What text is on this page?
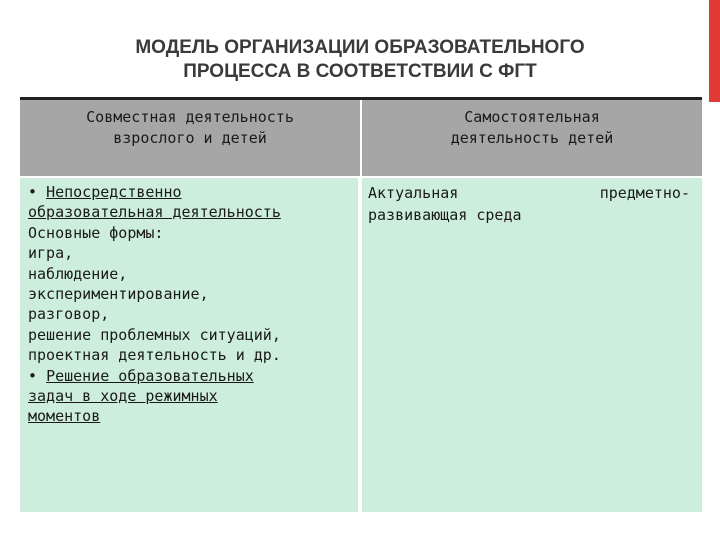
МОДЕЛЬ ОРГАНИЗАЦИИ ОБРАЗОВАТЕЛЬНОГО
ПРОЦЕССА В СООТВЕТСТВИИ С ФГТ
Совместная деятельность
взрослого и детей
Самостоятельная
деятельность детей
• Непосредственно
образовательная деятельность
Основные формы:
игра,
наблюдение,
экспериментирование,
разговор,
решение проблемных ситуаций,
проектная деятельность и др.
• Решение образовательных
задач в ходе режимных
моментов
Актуальная	предметно-
развивающая среда
